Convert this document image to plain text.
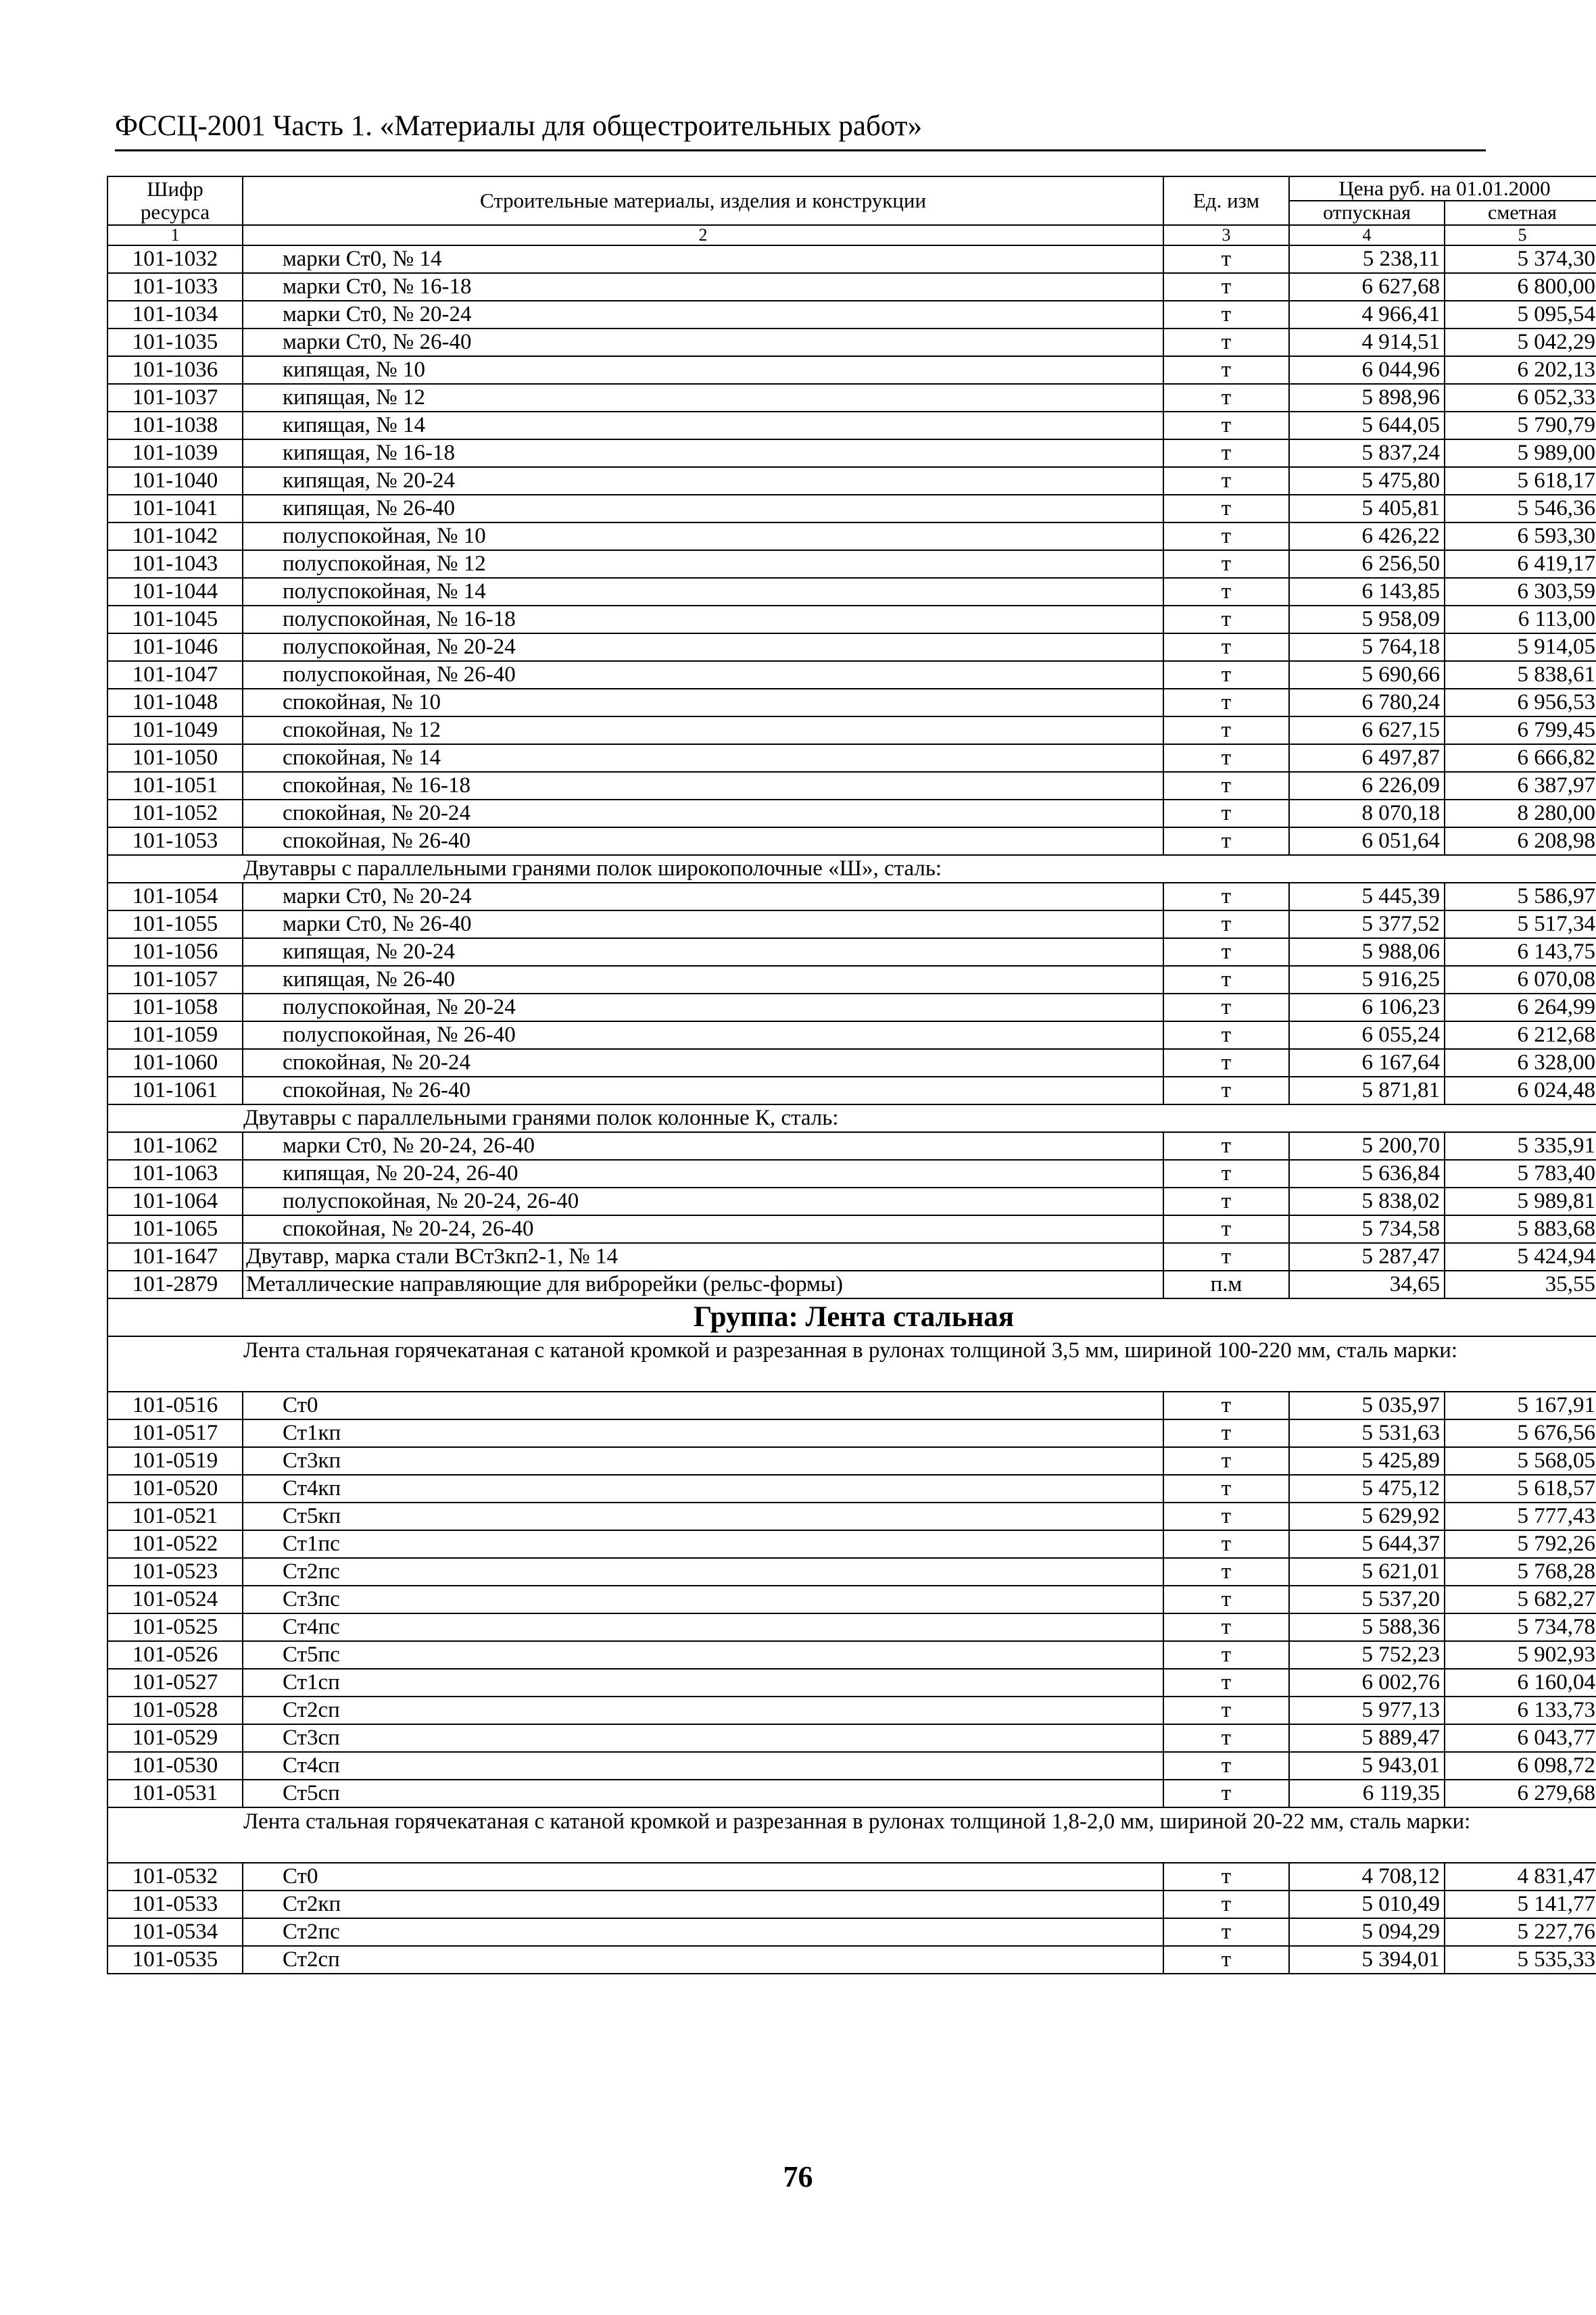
ФССЦ-2001 Часть 1. «Материалы для общестроительных работ»
Шифр ресурса	Строительные материалы, изделия и конструкции	Ед. изм	Цена руб. на 01.01.2000	
			отпускная	сметная
1	2	3	4	5
101-1032	марки Ст0, № 14	т	5 238,11	5 374,30
101-1033	марки Ст0, № 16-18	т	6 627,68	6 800,00
101-1034	марки Ст0, № 20-24	т	4 966,41	5 095,54
101-1035	марки Ст0, № 26-40	т	4 914,51	5 042,29
101-1036	кипящая, № 10	т	6 044,96	6 202,13
101-1037	кипящая, № 12	т	5 898,96	6 052,33
101-1038	кипящая, № 14	т	5 644,05	5 790,79
101-1039	кипящая, № 16-18	т	5 837,24	5 989,00
101-1040	кипящая, № 20-24	т	5 475,80	5 618,17
101-1041	кипящая, № 26-40	т	5 405,81	5 546,36
101-1042	полуспокойная, № 10	т	6 426,22	6 593,30
101-1043	полуспокойная, № 12	т	6 256,50	6 419,17
101-1044	полуспокойная, № 14	т	6 143,85	6 303,59
101-1045	полуспокойная, № 16-18	т	5 958,09	6 113,00
101-1046	полуспокойная, № 20-24	т	5 764,18	5 914,05
101-1047	полуспокойная, № 26-40	т	5 690,66	5 838,61
101-1048	спокойная, № 10	т	6 780,24	6 956,53
101-1049	спокойная, № 12	т	6 627,15	6 799,45
101-1050	спокойная, № 14	т	6 497,87	6 666,82
101-1051	спокойная, № 16-18	т	6 226,09	6 387,97
101-1052	спокойная, № 20-24	т	8 070,18	8 280,00
101-1053	спокойная, № 26-40	т	6 051,64	6 208,98
Двутавры с параллельными гранями полок широкополочные «Ш», сталь:				
101-1054	марки Ст0, № 20-24	т	5 445,39	5 586,97
101-1055	марки Ст0, № 26-40	т	5 377,52	5 517,34
101-1056	кипящая, № 20-24	т	5 988,06	6 143,75
101-1057	кипящая, № 26-40	т	5 916,25	6 070,08
101-1058	полуспокойная, № 20-24	т	6 106,23	6 264,99
101-1059	полуспокойная, № 26-40	т	6 055,24	6 212,68
101-1060	спокойная, № 20-24	т	6 167,64	6 328,00
101-1061	спокойная, № 26-40	т	5 871,81	6 024,48
Двутавры с параллельными гранями полок колонные К, сталь:				
101-1062	марки Ст0, № 20-24, 26-40	т	5 200,70	5 335,91
101-1063	кипящая, № 20-24, 26-40	т	5 636,84	5 783,40
101-1064	полуспокойная, № 20-24, 26-40	т	5 838,02	5 989,81
101-1065	спокойная, № 20-24, 26-40	т	5 734,58	5 883,68
101-1647	Двутавр, марка стали ВСт3кп2-1, № 14	т	5 287,47	5 424,94
101-2879	Металлические направляющие для виброрейки (рельс-формы)	п.м	34,65	35,55
Группа: Лента стальная				
Лента стальная горячекатаная с катаной кромкой и разрезанная в рулонах толщиной 3,5 мм, шириной 100-220 мм, сталь марки:				
101-0516	Ст0	т	5 035,97	5 167,91
101-0517	Ст1кп	т	5 531,63	5 676,56
101-0519	Ст3кп	т	5 425,89	5 568,05
101-0520	Ст4кп	т	5 475,12	5 618,57
101-0521	Ст5кп	т	5 629,92	5 777,43
101-0522	Ст1пс	т	5 644,37	5 792,26
101-0523	Ст2пс	т	5 621,01	5 768,28
101-0524	Ст3пс	т	5 537,20	5 682,27
101-0525	Ст4пс	т	5 588,36	5 734,78
101-0526	Ст5пс	т	5 752,23	5 902,93
101-0527	Ст1сп	т	6 002,76	6 160,04
101-0528	Ст2сп	т	5 977,13	6 133,73
101-0529	Ст3сп	т	5 889,47	6 043,77
101-0530	Ст4сп	т	5 943,01	6 098,72
101-0531	Ст5сп	т	6 119,35	6 279,68
Лента стальная горячекатаная с катаной кромкой и разрезанная в рулонах толщиной 1,8-2,0 мм, шириной 20-22 мм, сталь марки:				
101-0532	Ст0	т	4 708,12	4 831,47
101-0533	Ст2кп	т	5 010,49	5 141,77
101-0534	Ст2пс	т	5 094,29	5 227,76
101-0535	Ст2сп	т	5 394,01	5 535,33
76
